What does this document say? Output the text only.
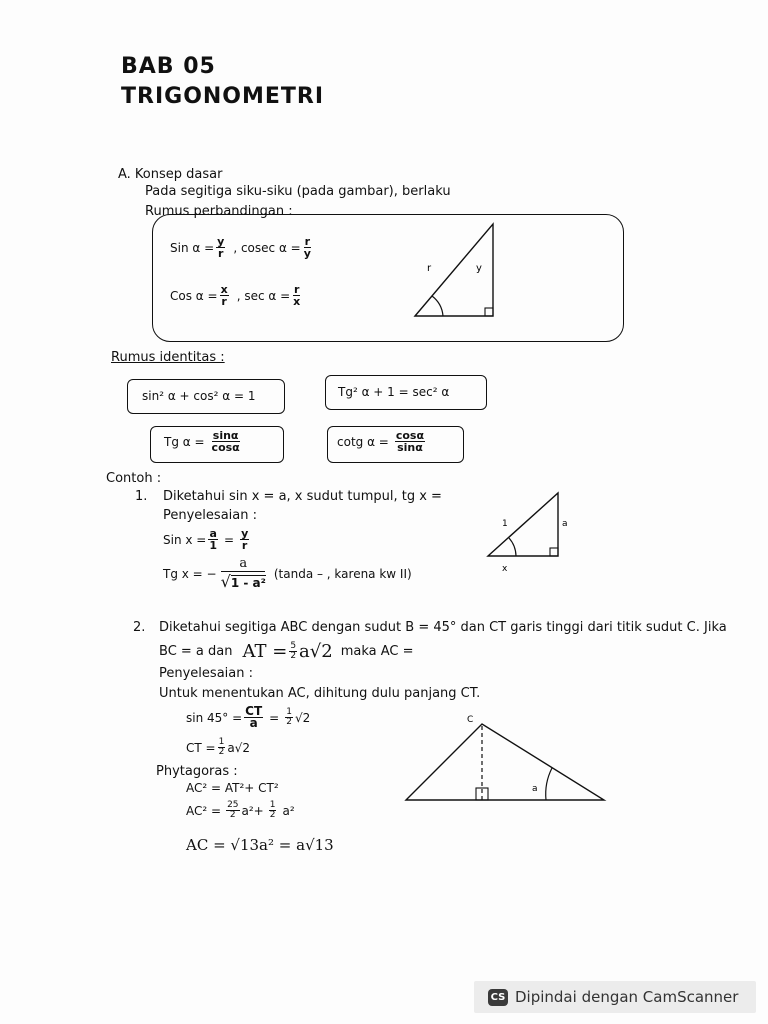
BAB 05
TRIGONOMETRI
A. Konsep dasar
Pada segitiga siku-siku (pada gambar), berlaku
Rumus perbandingan :
Sin $\alpha = \frac{y}{r}$ , cosec $\alpha = \frac{r}{y}$
Cos $\alpha = \frac{x}{r}$ , $\sec \alpha = \frac{r}{x}$
r	y
Rumus identitas :
sin² α + cos² α = 1	Tg² α + 1 = sec² α
Tg $\alpha = \frac{\sin\alpha}{\cos\alpha}$	cotg $\alpha = \frac{\cos\alpha}{\sin\alpha}$
Contoh :
1. Diketahui sin x = a, x sudut tumpul, tg x =
Penyelesaian :
Sin $x = \frac{a}{1} = \frac{y}{r}$
Tg x = − $\frac{a}{\text{√1 - a²}}$ (tanda – , karena kw II)
1	a
x
2. Diketahui segitiga ABC dengan sudut B = 45° dan CT garis tinggi dari titik sudut C. Jika
BC = a dan AT = $\frac{5}{2} a√2$ maka AC =
Penyelesaian :
Untuk menentukan AC, dihitung dulu panjang CT.
$\sin 45^\circ = \frac{CT}{a} = \frac{1}{2} √2$
CT = $\frac{1}{2} a√2$
Phytagoras :
AC² = AT²+ CT²
$AC^2 = \frac{25}{2} a^2+ \frac{1}{2} a^2$
AC = √13a² = a√13
C
a
CS Dipindai dengan CamScanner
